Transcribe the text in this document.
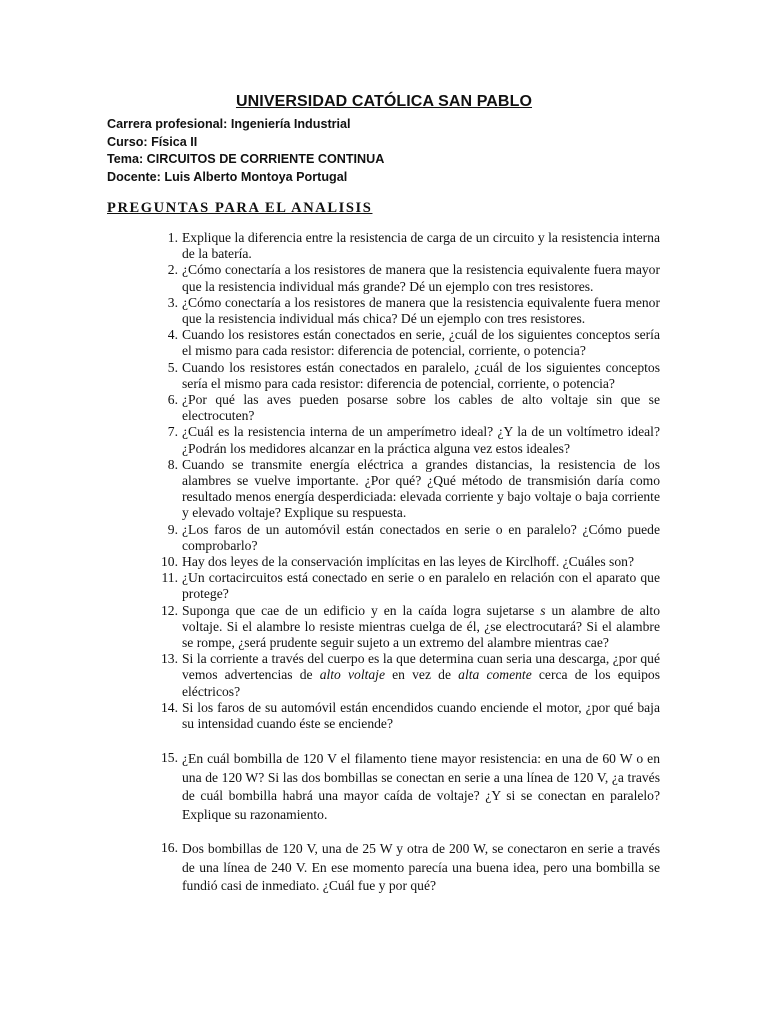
UNIVERSIDAD CATÓLICA SAN PABLO
Carrera profesional: Ingeniería Industrial
Curso: Física II
Tema: CIRCUITOS DE CORRIENTE CONTINUA
Docente: Luis Alberto Montoya Portugal
PREGUNTAS PARA EL ANALISIS
1. Explique la diferencia entre la resistencia de carga de un circuito y la resistencia interna de la batería.
2. ¿Cómo conectaría a los resistores de manera que la resistencia equivalente fuera mayor que la resistencia individual más grande? Dé un ejemplo con tres resistores.
3. ¿Cómo conectaría a los resistores de manera que la resistencia equivalente fuera menor que la resistencia individual más chica? Dé un ejemplo con tres resistores.
4. Cuando los resistores están conectados en serie, ¿cuál de los siguientes conceptos sería el mismo para cada resistor: diferencia de potencial, corriente, o potencia?
5. Cuando los resistores están conectados en paralelo, ¿cuál de los siguientes conceptos sería el mismo para cada resistor: diferencia de potencial, corriente, o potencia?
6. ¿Por qué las aves pueden posarse sobre los cables de alto voltaje sin que se electrocuten?
7. ¿Cuál es la resistencia interna de un amperímetro ideal? ¿Y la de un voltímetro ideal? ¿Podrán los medidores alcanzar en la práctica alguna vez estos ideales?
8. Cuando se transmite energía eléctrica a grandes distancias, la resistencia de los alambres se vuelve importante. ¿Por qué? ¿Qué método de transmisión daría como resultado menos energía desperdiciada: elevada corriente y bajo voltaje o baja corriente y elevado voltaje? Explique su respuesta.
9. ¿Los faros de un automóvil están conectados en serie o en paralelo? ¿Cómo puede comprobarlo?
10. Hay dos leyes de la conservación implícitas en las leyes de Kirclhoff. ¿Cuáles son?
11. ¿Un cortacircuitos está conectado en serie o en paralelo en relación con el aparato que protege?
12. Suponga que cae de un edificio y en la caída logra sujetarse s un alambre de alto voltaje. Si el alambre lo resiste mientras cuelga de él, ¿se electrocutará? Si el alambre se rompe, ¿será prudente seguir sujeto a un extremo del alambre mientras cae?
13. Si la corriente a través del cuerpo es la que determina cuan seria una descarga, ¿por qué vemos advertencias de alto voltaje en vez de alta comente cerca de los equipos eléctricos?
14. Si los faros de su automóvil están encendidos cuando enciende el motor, ¿por qué baja su intensidad cuando éste se enciende?
15. ¿En cuál bombilla de 120 V el filamento tiene mayor resistencia: en una de 60 W o en una de 120 W? Si las dos bombillas se conectan en serie a una línea de 120 V, ¿a través de cuál bombilla habrá una mayor caída de voltaje? ¿Y si se conectan en paralelo? Explique su razonamiento.
16. Dos bombillas de 120 V, una de 25 W y otra de 200 W, se conectaron en serie a través de una línea de 240 V. En ese momento parecía una buena idea, pero una bombilla se fundió casi de inmediato. ¿Cuál fue y por qué?
